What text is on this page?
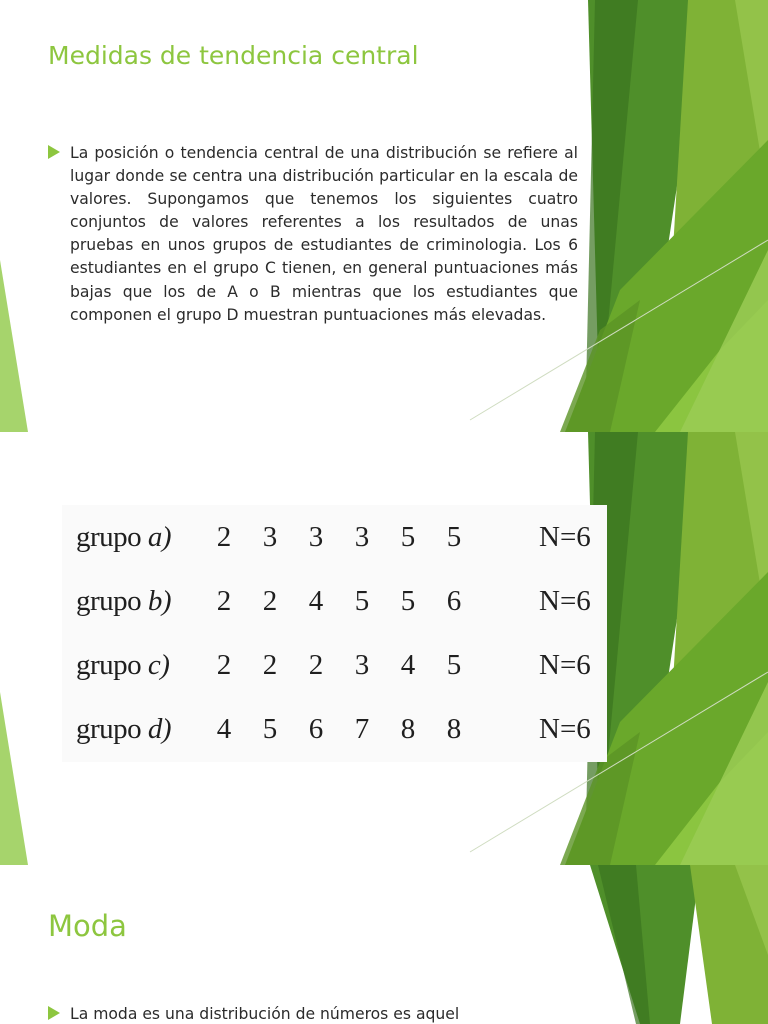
Medidas de tendencia central

La posición o tendencia central de una distribución se refiere al lugar donde se centra una distribución particular en la escala de valores. Supongamos que tenemos los siguientes cuatro conjuntos de valores referentes a los resultados de unas pruebas en unos grupos de estudiantes de criminologia. Los 6 estudiantes en el grupo C tienen, en general puntuaciones más bajas que los de A o B mientras que los estudiantes que componen el grupo D muestran puntuaciones más elevadas.

grupo a)	2	3	3	3	5	5	N=6
grupo b)	2	2	4	5	5	6	N=6
grupo c)	2	2	2	3	4	5	N=6
grupo d)	4	5	6	7	8	8	N=6
Moda

La moda es una distribución de números es aquel
